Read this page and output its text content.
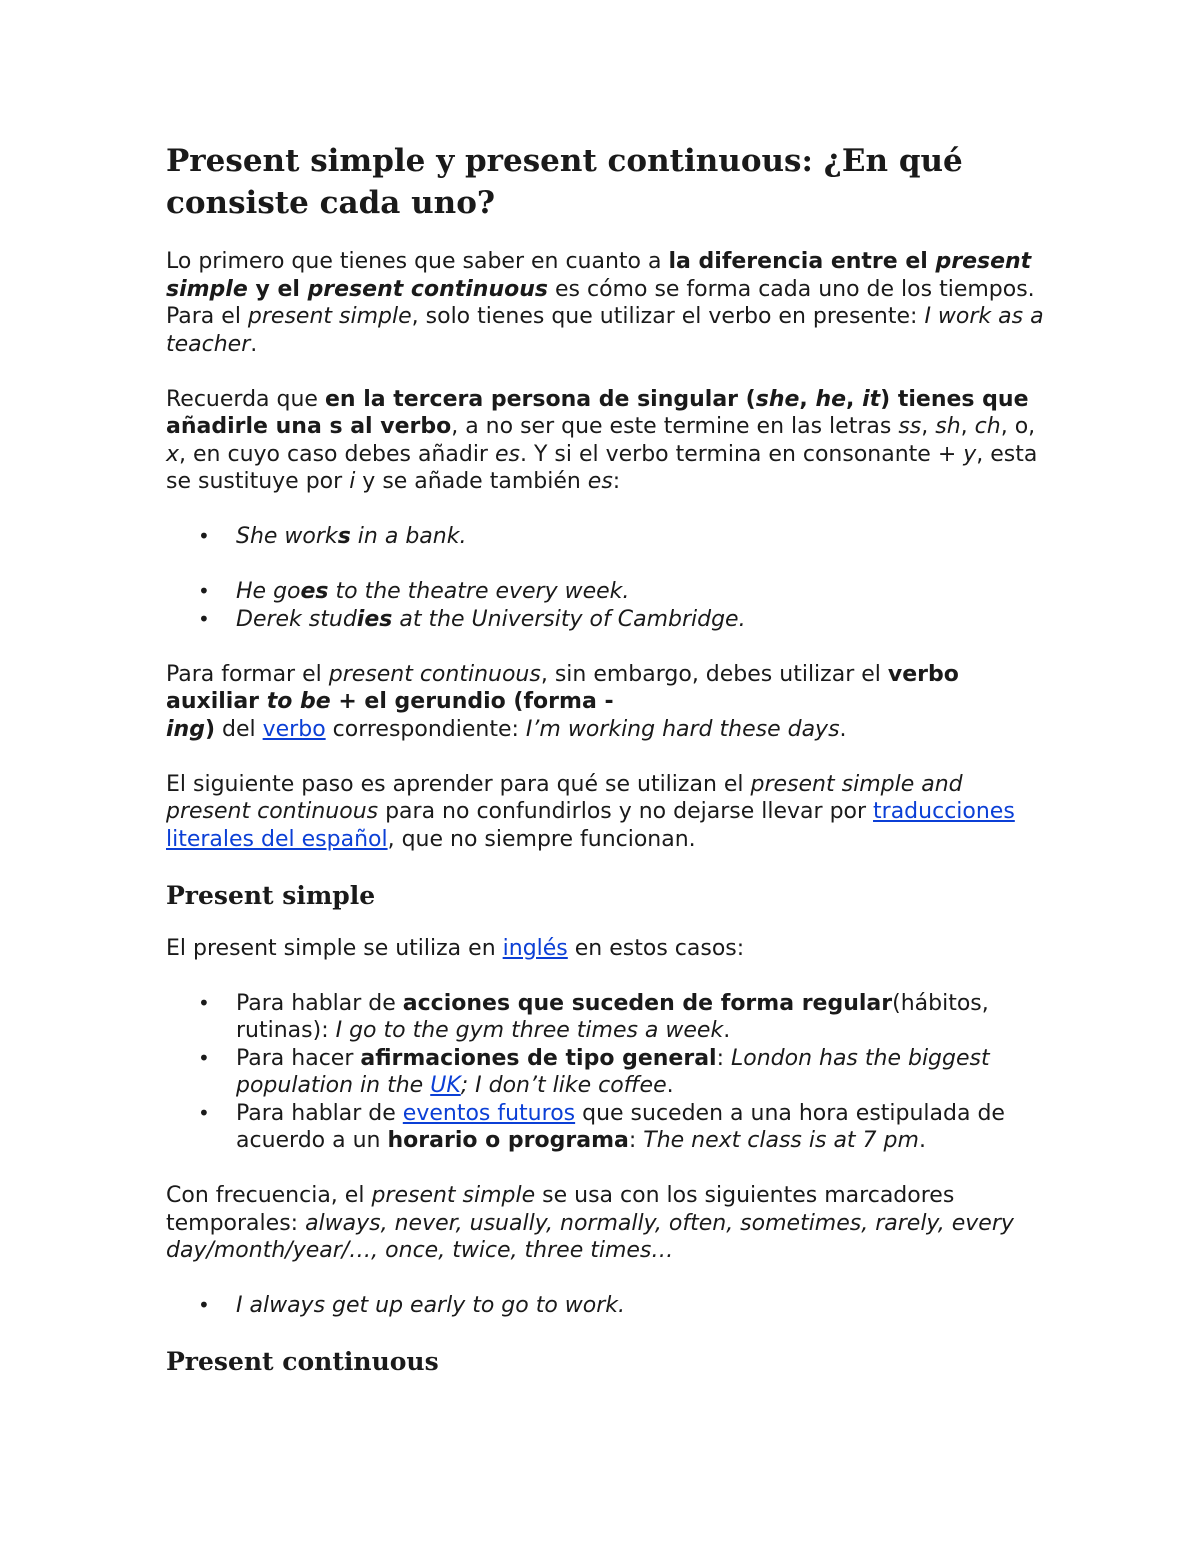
Present simple y present continuous: ¿En qué consiste cada uno?

Lo primero que tienes que saber en cuanto a la diferencia entre el present simple y el present continuous es cómo se forma cada uno de los tiempos. Para el present simple, solo tienes que utilizar el verbo en presente: I work as a teacher.

Recuerda que en la tercera persona de singular (she, he, it) tienes que añadirle una s al verbo, a no ser que este termine en las letras ss, sh, ch, o, x, en cuyo caso debes añadir es. Y si el verbo termina en consonante + y, esta se sustituye por i y se añade también es:

• She works in a bank.
• He goes to the theatre every week.
• Derek studies at the University of Cambridge.

Para formar el present continuous, sin embargo, debes utilizar el verbo auxiliar to be + el gerundio (forma -
ing) del verbo correspondiente: I’m working hard these days.

El siguiente paso es aprender para qué se utilizan el present simple and present continuous para no confundirlos y no dejarse llevar por traducciones literales del español, que no siempre funcionan.

Present simple

El present simple se utiliza en inglés en estos casos:

• Para hablar de acciones que suceden de forma regular(hábitos, rutinas): I go to the gym three times a week.
• Para hacer afirmaciones de tipo general: London has the biggest population in the UK; I don’t like coffee.
• Para hablar de eventos futuros que suceden a una hora estipulada de acuerdo a un horario o programa: The next class is at 7 pm.

Con frecuencia, el present simple se usa con los siguientes marcadores temporales: always, never, usually, normally, often, sometimes, rarely, every day/month/year/…, once, twice, three times…

• I always get up early to go to work.
Present continuous
